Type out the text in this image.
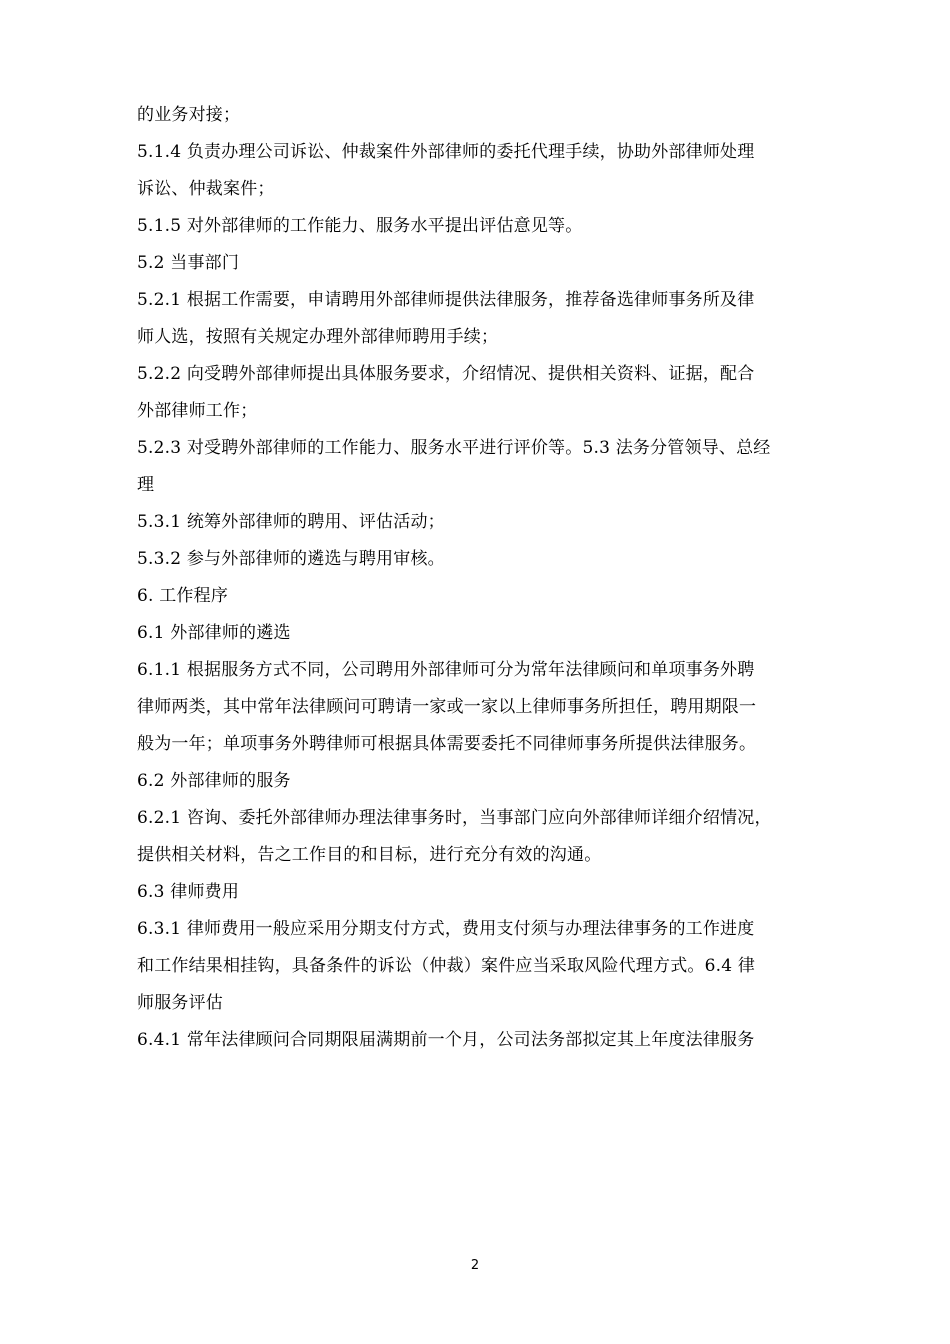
的业务对接；
5.1.4 负责办理公司诉讼、仲裁案件外部律师的委托代理手续，协助外部律师处理
诉讼、仲裁案件；
5.1.5 对外部律师的工作能力、服务水平提出评估意见等。
5.2 当事部门
5.2.1 根据工作需要，申请聘用外部律师提供法律服务，推荐备选律师事务所及律
师人选，按照有关规定办理外部律师聘用手续；
5.2.2 向受聘外部律师提出具体服务要求，介绍情况、提供相关资料、证据，配合
外部律师工作；
5.2.3 对受聘外部律师的工作能力、服务水平进行评价等。5.3 法务分管领导、总经
理
5.3.1 统筹外部律师的聘用、评估活动；
5.3.2 参与外部律师的遴选与聘用审核。
6. 工作程序
6.1 外部律师的遴选
6.1.1 根据服务方式不同，公司聘用外部律师可分为常年法律顾问和单项事务外聘
律师两类，其中常年法律顾问可聘请一家或一家以上律师事务所担任，聘用期限一
般为一年；单项事务外聘律师可根据具体需要委托不同律师事务所提供法律服务。
6.2 外部律师的服务
6.2.1 咨询、委托外部律师办理法律事务时，当事部门应向外部律师详细介绍情况，
提供相关材料，告之工作目的和目标，进行充分有效的沟通。
6.3 律师费用
6.3.1 律师费用一般应采用分期支付方式，费用支付须与办理法律事务的工作进度
和工作结果相挂钩，具备条件的诉讼（仲裁）案件应当采取风险代理方式。6.4 律
师服务评估
6.4.1 常年法律顾问合同期限届满期前一个月，公司法务部拟定其上年度法律服务
2
